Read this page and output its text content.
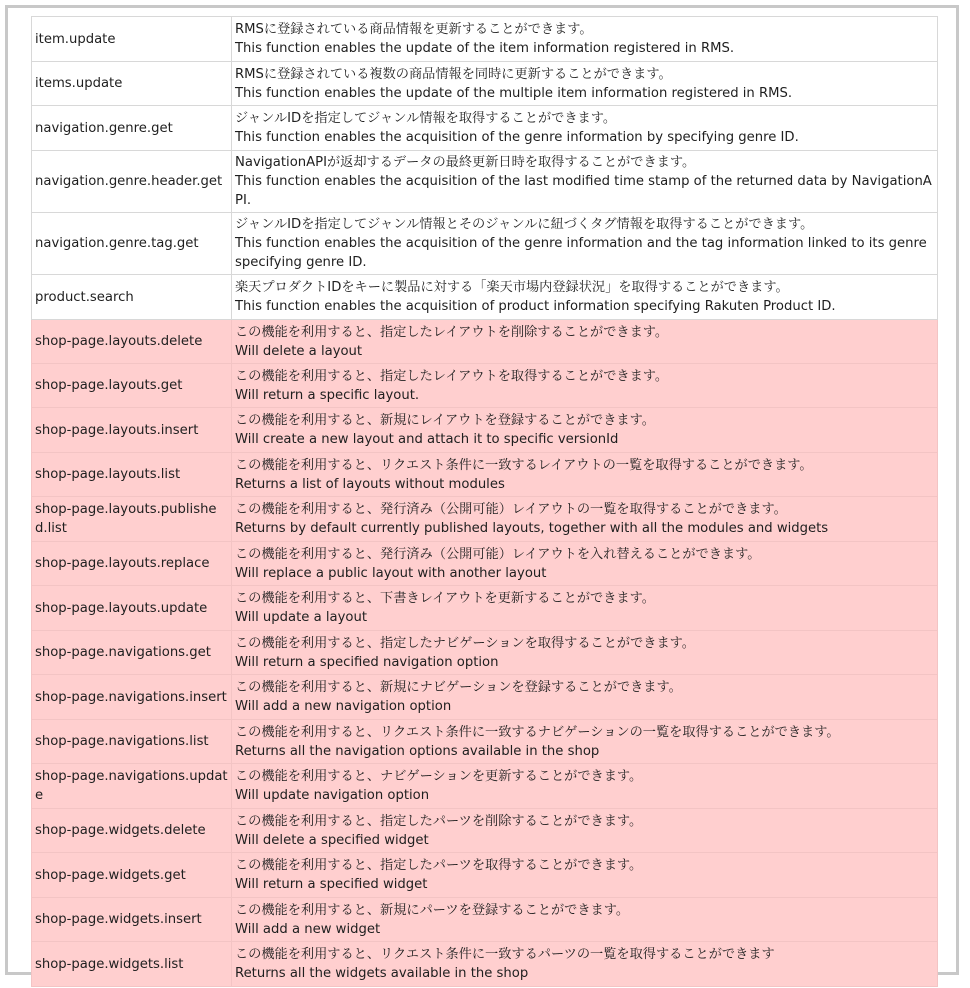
item.update	RMSに登録されている商品情報を更新することができます。
This function enables the update of the item information registered in RMS.

items.update	RMSに登録されている複数の商品情報を同時に更新することができます。
This function enables the update of the multiple item information registered in RMS.

navigation.genre.get	ジャンルIDを指定してジャンル情報を取得することができます。
This function enables the acquisition of the genre information by specifying genre ID.

navigation.genre.header.get	NavigationAPIが返却するデータの最終更新日時を取得することができます。
This function enables the acquisition of the last modified time stamp of the returned data by NavigationAPI.

navigation.genre.tag.get	ジャンルIDを指定してジャンル情報とそのジャンルに紐づくタグ情報を取得することができます。
This function enables the acquisition of the genre information and the tag information linked to its genre specifying genre ID.

product.search	楽天プロダクトIDをキーに製品に対する「楽天市場内登録状況」を取得することができます。
This function enables the acquisition of product information specifying Rakuten Product ID.

shop-page.layouts.delete	この機能を利用すると、指定したレイアウトを削除することができます。
Will delete a layout

shop-page.layouts.get	この機能を利用すると、指定したレイアウトを取得することができます。
Will return a specific layout.

shop-page.layouts.insert	この機能を利用すると、新規にレイアウトを登録することができます。
Will create a new layout and attach it to specific versionId

shop-page.layouts.list	この機能を利用すると、リクエスト条件に一致するレイアウトの一覧を取得することができます。
Returns a list of layouts without modules

shop-page.layouts.published.list	この機能を利用すると、発行済み（公開可能）レイアウトの一覧を取得することができます。
Returns by default currently published layouts, together with all the modules and widgets

shop-page.layouts.replace	この機能を利用すると、発行済み（公開可能）レイアウトを入れ替えることができます。
Will replace a public layout with another layout

shop-page.layouts.update	この機能を利用すると、下書きレイアウトを更新することができます。
Will update a layout

shop-page.navigations.get	この機能を利用すると、指定したナビゲーションを取得することができます。
Will return a specified navigation option

shop-page.navigations.insert	この機能を利用すると、新規にナビゲーションを登録することができます。
Will add a new navigation option

shop-page.navigations.list	この機能を利用すると、リクエスト条件に一致するナビゲーションの一覧を取得することができます。
Returns all the navigation options available in the shop

shop-page.navigations.update	この機能を利用すると、ナビゲーションを更新することができます。
Will update navigation option

shop-page.widgets.delete	この機能を利用すると、指定したパーツを削除することができます。
Will delete a specified widget

shop-page.widgets.get	この機能を利用すると、指定したパーツを取得することができます。
Will return a specified widget

shop-page.widgets.insert	この機能を利用すると、新規にパーツを登録することができます。
Will add a new widget

shop-page.widgets.list	この機能を利用すると、リクエスト条件に一致するパーツの一覧を取得することができます
Returns all the widgets available in the shop
